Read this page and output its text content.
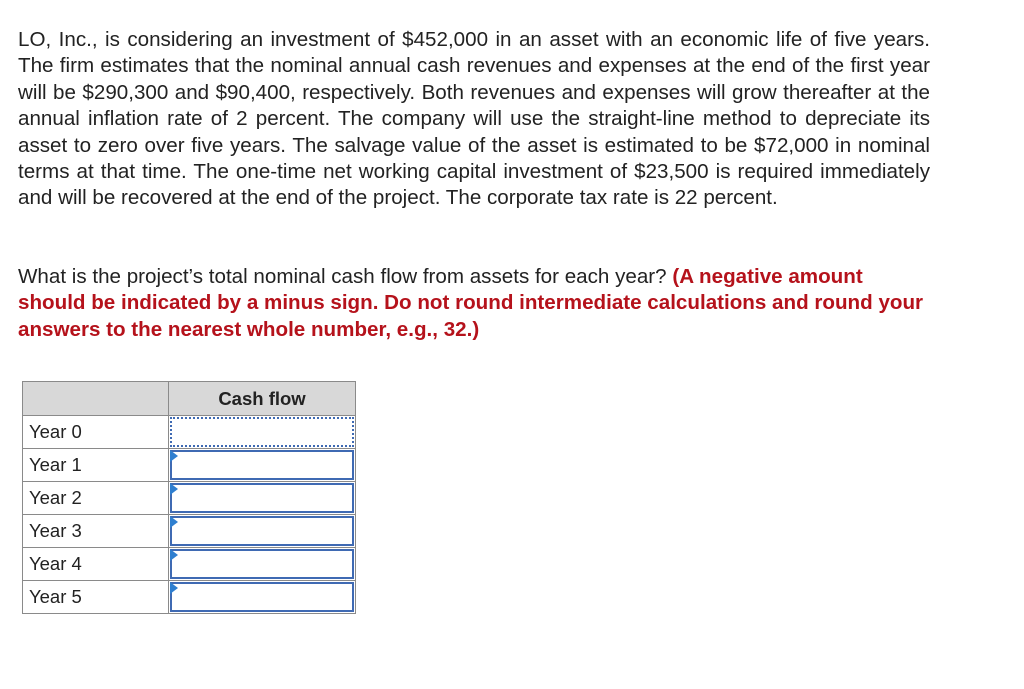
LO, Inc., is considering an investment of $452,000 in an asset with an economic life of five years. The firm estimates that the nominal annual cash revenues and expenses at the end of the first year will be $290,300 and $90,400, respectively. Both revenues and expenses will grow thereafter at the annual inflation rate of 2 percent. The company will use the straight-line method to depreciate its asset to zero over five years. The salvage value of the asset is estimated to be $72,000 in nominal terms at that time. The one-time net working capital investment of $23,500 is required immediately and will be recovered at the end of the project. The corporate tax rate is 22 percent.

What is the project’s total nominal cash flow from assets for each year? (A negative amount should be indicated by a minus sign. Do not round intermediate calculations and round your answers to the nearest whole number, e.g., 32.)

	Cash flow
Year 0	

Year 1	

Year 2	

Year 3	

Year 4	

Year 5	
